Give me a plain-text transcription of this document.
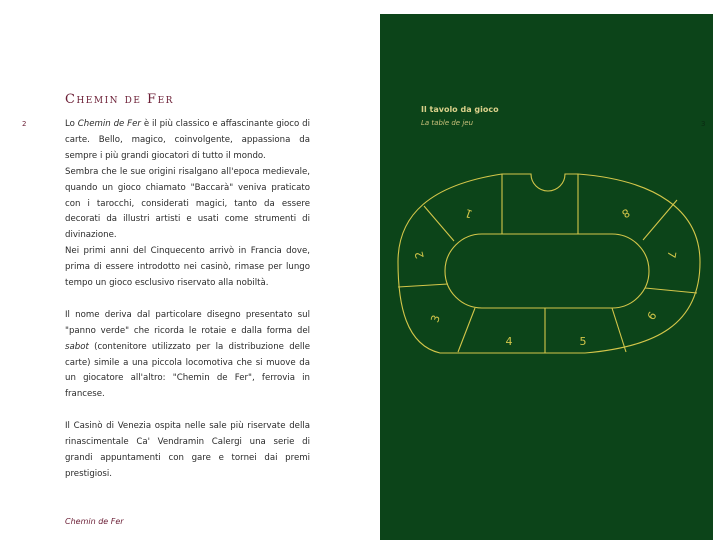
2
Chemin de Fer

Lo Chemin de Fer è il più classico e affascinante gioco di carte. Bello, magico, coinvolgente, appassiona da sempre i più grandi giocatori di tutto il mondo.

Sembra che le sue origini risalgano all'epoca medievale, quando un gioco chiamato "Baccarà" veniva praticato con i tarocchi, considerati magici, tanto da essere decorati da illustri artisti e usati come strumenti di divinazione.

Nei primi anni del Cinquecento arrivò in Francia dove, prima di essere introdotto nei casinò, rimase per lungo tempo un gioco esclusivo riservato alla nobiltà.

Il nome deriva dal particolare disegno presentato sul "panno verde" che ricorda le rotaie e dalla forma del sabot (contenitore utilizzato per la distribuzione delle carte) simile a una piccola locomotiva che si muove da un giocatore all'altro: "Chemin de Fer", ferrovia in francese.

Il Casinò di Venezia ospita nelle sale più riservate della rinascimentale Ca' Vendramin Calergi una serie di grandi appuntamenti con gare e tornei dai premi prestigiosi.

Chemin de Fer
Il tavolo da gioco
La table de jeu	3
1
2
3
4	5
6
7
8
